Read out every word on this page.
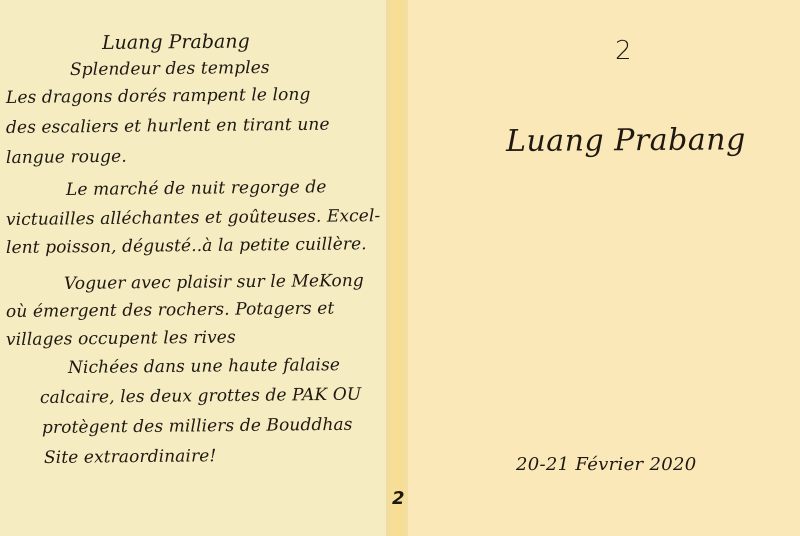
Luang Prabang
Splendeur des temples
Les dragons dorés rampent le long
des escaliers et hurlent en tirant une
langue rouge.
Le marché de nuit regorge de
victuailles alléchantes et goûteuses. Excel-
lent poisson, dégusté..à la petite cuillère.
Voguer avec plaisir sur le MeKong
où émergent des rochers. Potagers et
villages occupent les rives
Nichées dans une haute falaise
calcaire, les deux grottes de PAK OU
protègent des milliers de Bouddhas
Site extraordinaire!
2
Luang Prabang
20-21 Février 2020
2
